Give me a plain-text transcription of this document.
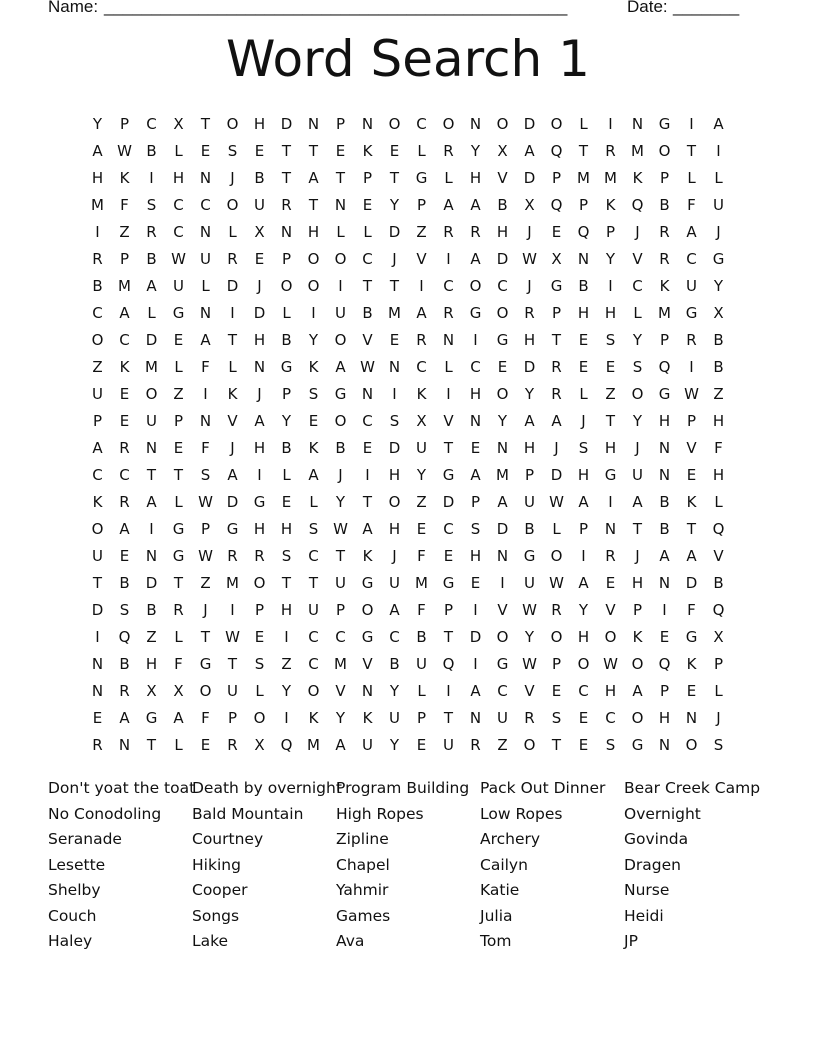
Name: _________________________________________________	Date: _______
Word Search 1
Y	P	C	X	T	O	H	D	N	P	N	O	C	O	N	O	D	O	L	I	N	G	I	A
A W B	L	E	S	E	T	T	E	K	E	L	R	Y	X	A	Q	T	R	M O	T	I
H	K	I	H	N	J	B	T	A	T	P	T	G	L	H	V	D	P	M M	K	P	L	L
M	F	S	C	C	O	U	R	T	N	E	Y	P	A	A	B	X	Q	P	K	Q	B	F	U
I	Z	R	C	N	L	X	N	H	L	L	D	Z	R	R	H	J	E	Q	P	J	R	A	J
R	P	B W U	R	E	P	O	O	C	J	V	I	A	D W X	N	Y	V	R	C	G
B	M	A	U	L	D	J	O	O	I	T	T	I	C	O	C	J	G	B	I	C	K	U	Y
C	A	L	G	N	I	D	L	I	U	B	M	A	R	G	O	R	P	H	H	L	M G	X
O	C	D	E	A	T	H	B	Y	O	V	E	R	N	I	G	H	T	E	S	Y	P	R	B
Z	K	M	L	F	L	N	G	K	A W N	C	L	C	E	D	R	E	E	S	Q	I	B
U	E	O	Z	I	K	J	P	S	G	N	I	K	I	H	O	Y	R	L	Z	O	G W Z
P	E	U	P	N	V	A	Y	E	O	C	S	X	V	N	Y	A	A	J	T	Y	H	P	H
A	R	N	E	F	J	H	B	K	B	E	D	U	T	E	N	H	J	S	H	J	N	V	F
C	C	T	T	S	A	I	L	A	J	I	H	Y	G	A	M	P	D	H	G	U	N	E	H
K	R	A	L	W D	G	E	L	Y	T	O	Z	D	P	A	U W A	I	A	B	K	L
O	A	I	G	P	G	H	H	S W A	H	E	C	S	D	B	L	P	N	T	B	T	Q
U	E	N	G W R	R	S	C	T	K	J	F	E	H	N	G	O	I	R	J	A	A	V
T	B	D	T	Z	M O	T	T	U	G	U	M G	E	I	U W A	E	H	N	D	B
D	S	B	R	J	I	P	H	U	P	O	A	F	P	I	V W R	Y	V	P	I	F	Q
I	Q	Z	L	T	W E	I	C	C	G	C	B	T	D	O	Y	O	H	O	K	E	G	X
N	B	H	F	G	T	S	Z	C	M	V	B	U	Q	I	G W	P	O W O	Q	K	P
N	R	X	X	O	U	L	Y	O	V	N	Y	L	I	A	C	V	E	C	H	A	P	E	L
E	A	G	A	F	P	O	I	K	Y	K	U	P	T	N	U	R	S	E	C	O	H	N	J
R	N	T	L	E	R	X	Q M	A	U	Y	E	U	R	Z	O	T	E	S	G	N	O	S
Don't yoat the toat
No Conodoling
Seranade
Lesette
Shelby
Couch
Haley
Death by overnight
Bald Mountain
Courtney
Hiking
Cooper
Songs
Lake
Program Building
High Ropes
Zipline
Chapel
Yahmir
Games
Ava
Pack Out Dinner
Low Ropes
Archery
Cailyn
Katie
Julia
Tom
Bear Creek Camp
Overnight
Govinda
Dragen
Nurse
Heidi
JP
